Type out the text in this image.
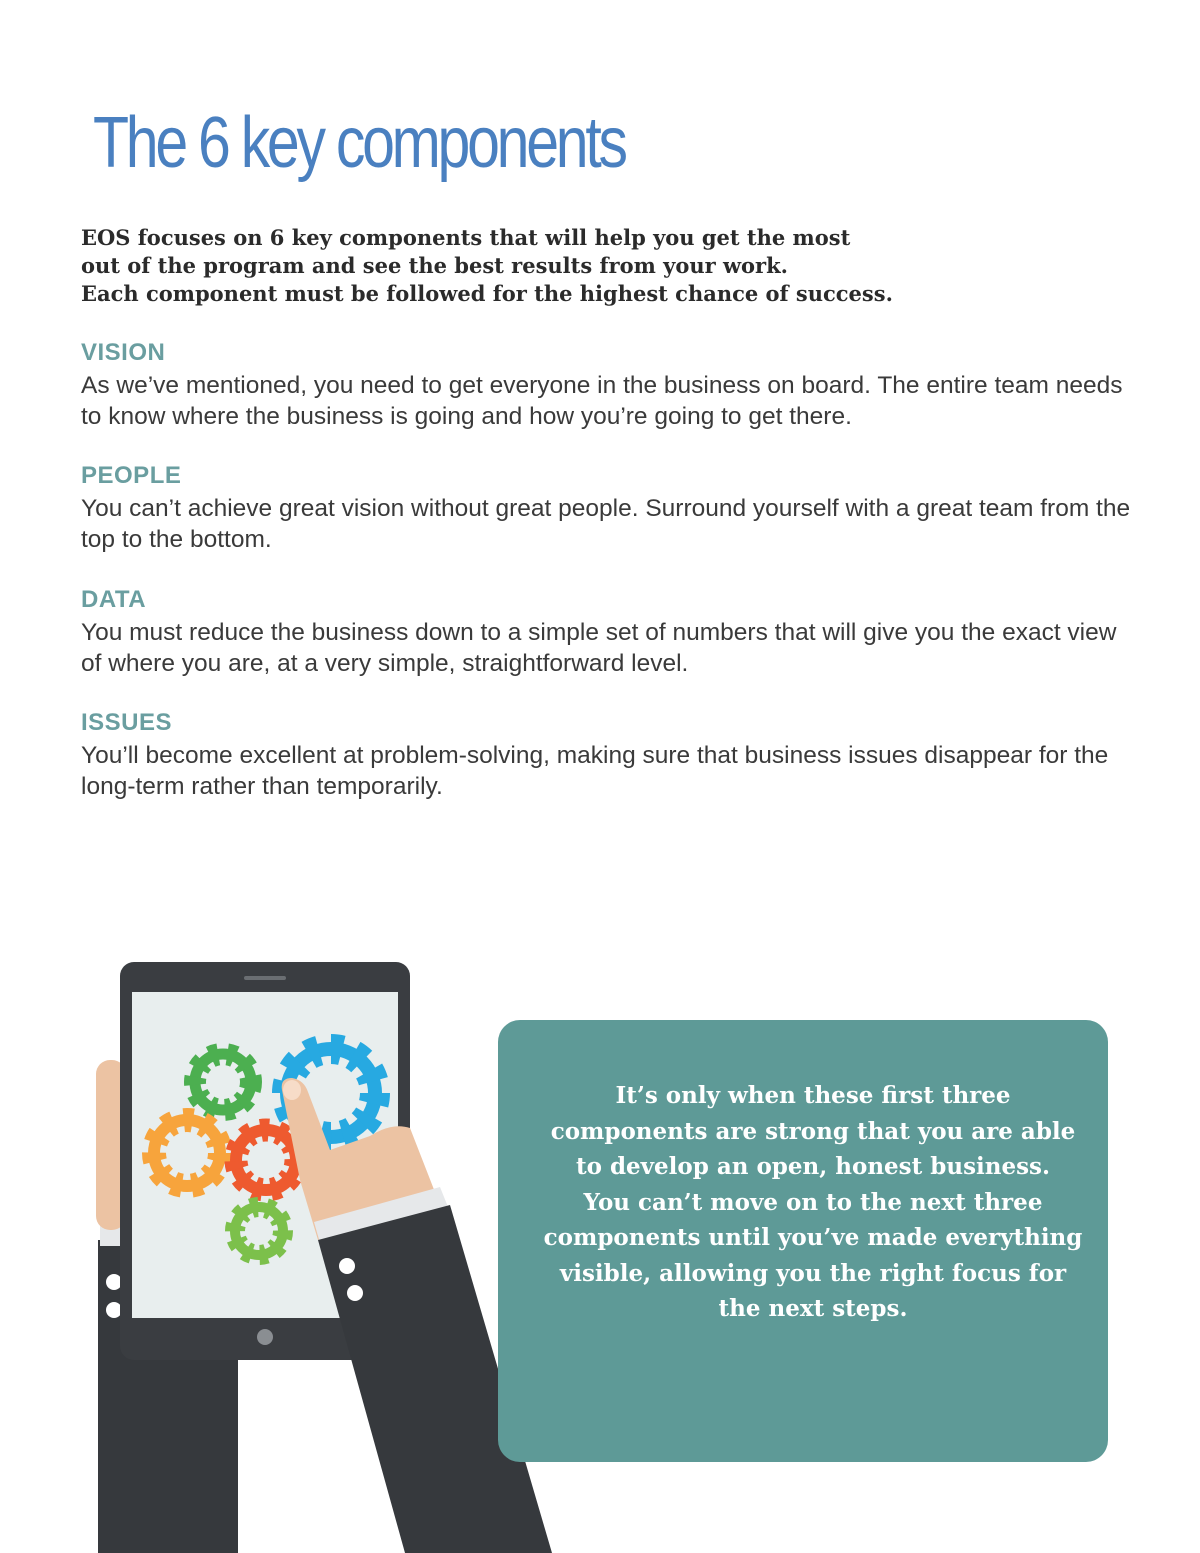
The 6 key components

EOS focuses on 6 key components that will help you get the most out of the program and see the best results from your work.

Each component must be followed for the highest chance of success.

VISION

As we’ve mentioned, you need to get everyone in the business on board. The entire team needs to know where the business is going and how you’re going to get there.

PEOPLE

You can’t achieve great vision without great people. Surround yourself with a great team from the top to the bottom.

DATA

You must reduce the business down to a simple set of numbers that will give you the exact view of where you are, at a very simple, straightforward level.

ISSUES

You’ll become excellent at problem-solving, making sure that business issues disappear for the long-term rather than temporarily.

It’s only when these first three components are strong that you are able to develop an open, honest business.
You can’t move on to the next three components until you’ve made everything visible, allowing you the right focus for the next steps.
